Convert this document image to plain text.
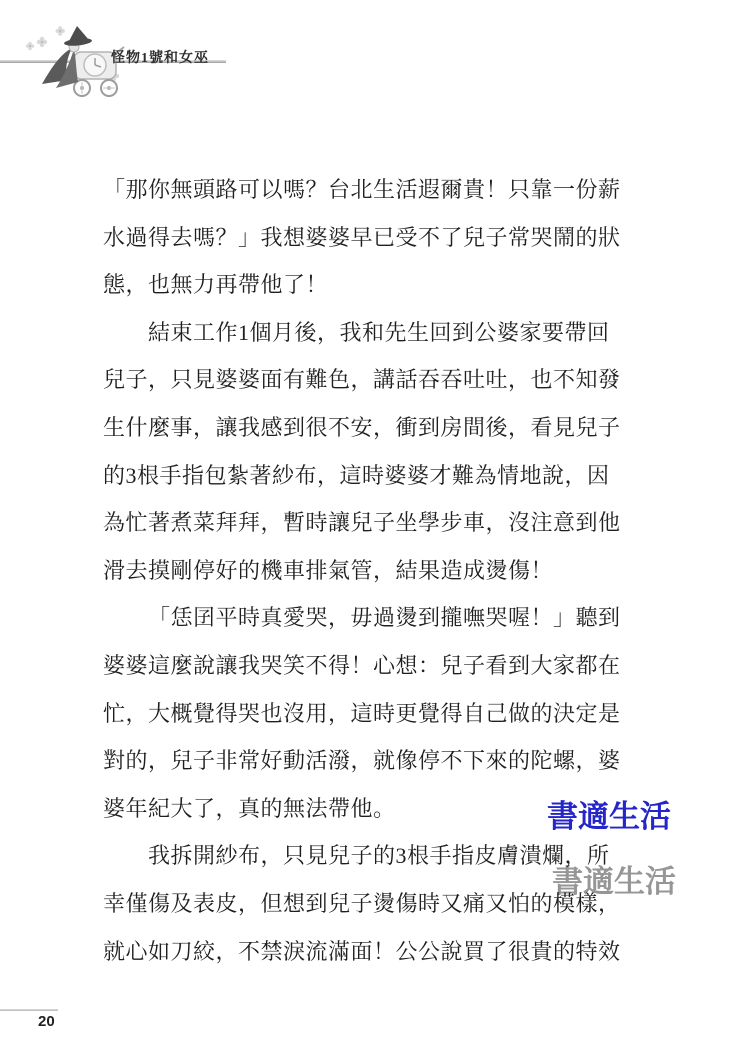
怪物1號和女巫
「那你無頭路可以嗎？台北生活遐爾貴！只靠一份薪
水過得去嗎？」我想婆婆早已受不了兒子常哭鬧的狀
態，也無力再帶他了！
結束工作1個月後，我和先生回到公婆家要帶回
兒子，只見婆婆面有難色，講話吞吞吐吐，也不知發
生什麼事，讓我感到很不安，衝到房間後，看見兒子
的3根手指包紮著紗布，這時婆婆才難為情地說，因
為忙著煮菜拜拜，暫時讓兒子坐學步車，沒注意到他
滑去摸剛停好的機車排氣管，結果造成燙傷！
「恁囝平時真愛哭，毋過燙到攏嘸哭喔！」聽到
婆婆這麼說讓我哭笑不得！心想：兒子看到大家都在
忙，大概覺得哭也沒用，這時更覺得自己做的決定是
對的，兒子非常好動活潑，就像停不下來的陀螺，婆
婆年紀大了，真的無法帶他。
我拆開紗布，只見兒子的3根手指皮膚潰爛，所
幸僅傷及表皮，但想到兒子燙傷時又痛又怕的模樣，
就心如刀絞，不禁淚流滿面！公公說買了很貴的特效
書適生活
書適生活
20
